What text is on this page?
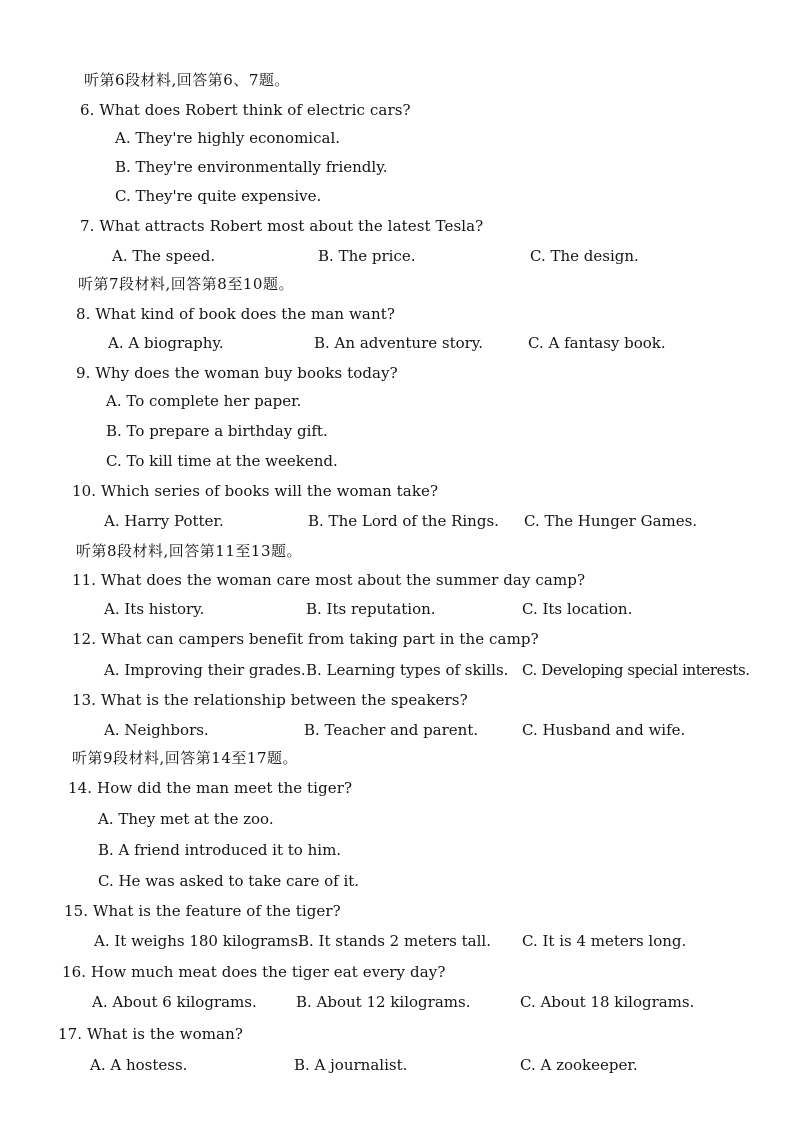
听第6段材料,回答第6、7题。
6. What does Robert think of electric cars?
A. They're highly economical.
B. They're environmentally friendly.
C. They're quite expensive.
7. What attracts Robert most about the latest Tesla?
A. The speed.	B. The price.	C. The design.
听第7段材料,回答第8至10题。
8. What kind of book does the man want?
A. A biography.	B. An adventure story.	C. A fantasy book.
9. Why does the woman buy books today?
A. To complete her paper.
B. To prepare a birthday gift.
C. To kill time at the weekend.
10. Which series of books will the woman take?
A. Harry Potter.	B. The Lord of the Rings. C. The Hunger Games.
听第8段材料,回答第11至13题。
11. What does the woman care most about the summer day camp?
A. Its history.	B. Its reputation.	C. Its location.
12. What can campers benefit from taking part in the camp?
A. Improving their grades. B. Learning types of skills. C. Developing special interests.
13. What is the relationship between the speakers?
A. Neighbors.	B. Teacher and parent.	C. Husband and wife.
听第9段材料,回答第14至17题。
14. How did the man meet the tiger?
A. They met at the zoo.
B. A friend introduced it to him.
C. He was asked to take care of it.
15. What is the feature of the tiger?
A. It weighs 180 kilograms.
B. It stands 2 meters tall. C. It is 4 meters long.
16. How much meat does the tiger eat every day?
A. About 6 kilograms.	B. About 12 kilograms.	C. About 18 kilograms.
17. What is the woman?
A. A hostess.	B. A journalist.	C. A zookeeper.
